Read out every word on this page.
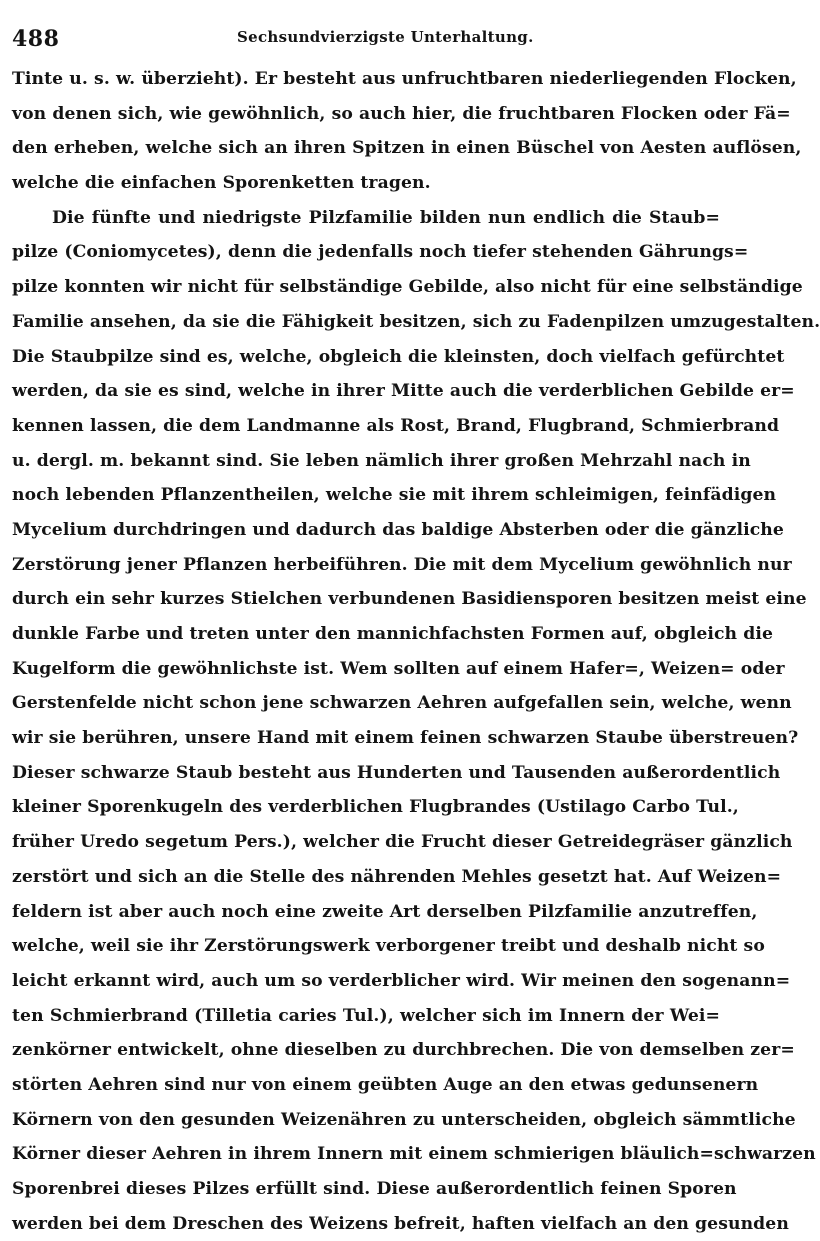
488	Sechsundvierzigste Unterhaltung.
Tinte u. s. w. überzieht). Er besteht aus unfruchtbaren niederliegenden Flocken,
von denen sich, wie gewöhnlich, so auch hier, die fruchtbaren Flocken oder Fä=
den erheben, welche sich an ihren Spitzen in einen Büschel von Aesten auflösen,
welche die einfachen Sporenketten tragen.
Die fünfte und niedrigste Pilzfamilie bilden nun endlich die Staub=
pilze (Coniomycetes), denn die jedenfalls noch tiefer stehenden Gährungs=
pilze konnten wir nicht für selbständige Gebilde, also nicht für eine selbständige
Familie ansehen, da sie die Fähigkeit besitzen, sich zu Fadenpilzen umzugestalten.
Die Staubpilze sind es, welche, obgleich die kleinsten, doch vielfach gefürchtet
werden, da sie es sind, welche in ihrer Mitte auch die verderblichen Gebilde er=
kennen lassen, die dem Landmanne als Rost, Brand, Flugbrand, Schmierbrand
u. dergl. m. bekannt sind. Sie leben nämlich ihrer großen Mehrzahl nach in
noch lebenden Pflanzentheilen, welche sie mit ihrem schleimigen, feinfädigen
Mycelium durchdringen und dadurch das baldige Absterben oder die gänzliche
Zerstörung jener Pflanzen herbeiführen. Die mit dem Mycelium gewöhnlich nur
durch ein sehr kurzes Stielchen verbundenen Basidiensporen besitzen meist eine
dunkle Farbe und treten unter den mannichfachsten Formen auf, obgleich die
Kugelform die gewöhnlichste ist. Wem sollten auf einem Hafer=, Weizen= oder
Gerstenfelde nicht schon jene schwarzen Aehren aufgefallen sein, welche, wenn
wir sie berühren, unsere Hand mit einem feinen schwarzen Staube überstreuen?
Dieser schwarze Staub besteht aus Hunderten und Tausenden außerordentlich
kleiner Sporenkugeln des verderblichen Flugbrandes (Ustilago Carbo Tul.,
früher Uredo segetum Pers.), welcher die Frucht dieser Getreidegräser gänzlich
zerstört und sich an die Stelle des nährenden Mehles gesetzt hat. Auf Weizen=
feldern ist aber auch noch eine zweite Art derselben Pilzfamilie anzutreffen,
welche, weil sie ihr Zerstörungswerk verborgener treibt und deshalb nicht so
leicht erkannt wird, auch um so verderblicher wird. Wir meinen den sogenann=
ten Schmierbrand (Tilletia caries Tul.), welcher sich im Innern der Wei=
zenkörner entwickelt, ohne dieselben zu durchbrechen. Die von demselben zer=
störten Aehren sind nur von einem geübten Auge an den etwas gedunsenern
Körnern von den gesunden Weizenähren zu unterscheiden, obgleich sämmtliche
Körner dieser Aehren in ihrem Innern mit einem schmierigen bläulich=schwarzen
Sporenbrei dieses Pilzes erfüllt sind. Diese außerordentlich feinen Sporen
werden bei dem Dreschen des Weizens befreit, haften vielfach an den gesunden
